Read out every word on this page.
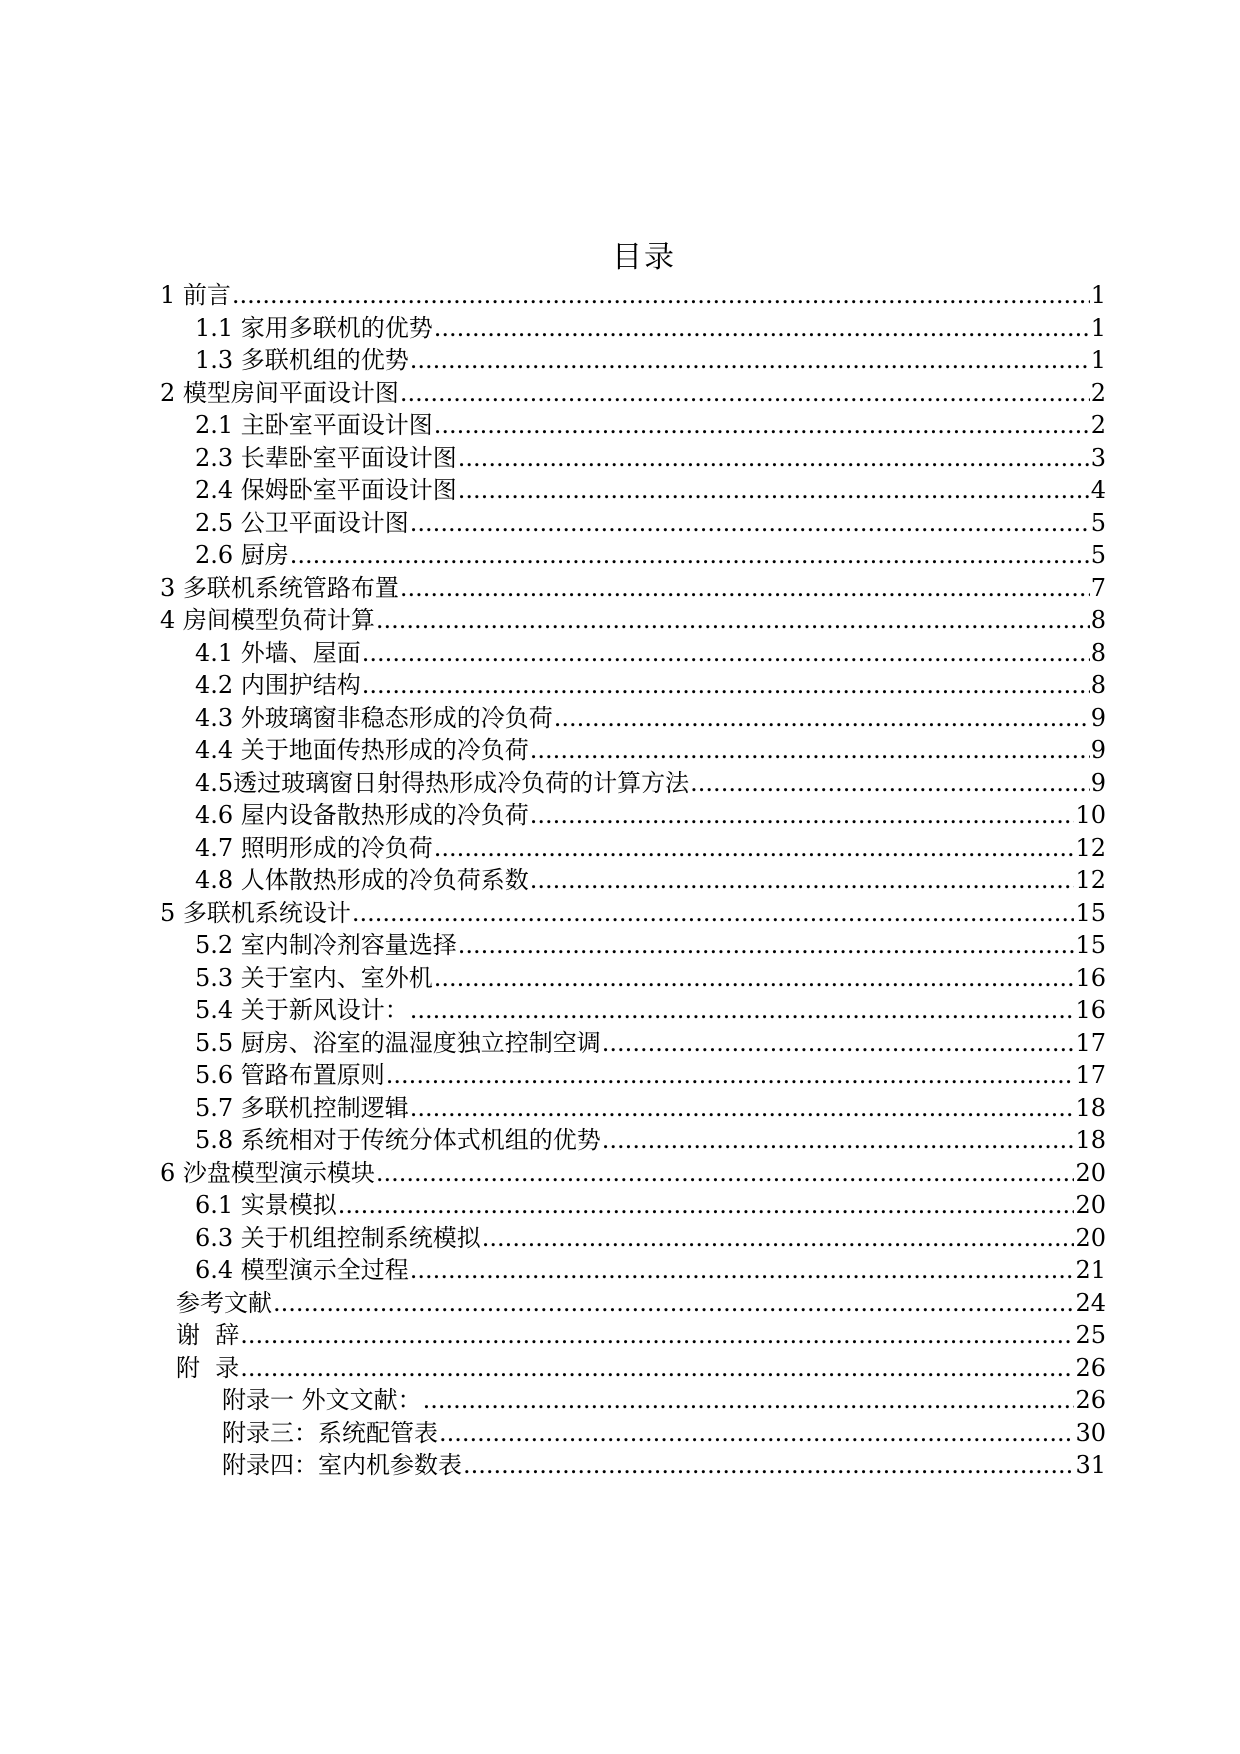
目录
1 前言 .....	1
1.1 家用多联机的优势 .....	1
1.3 多联机组的优势 .....	1
2 模型房间平面设计图 .....	2
2.1 主卧室平面设计图 .....	2
2.3 长辈卧室平面设计图 .....	3
2.4 保姆卧室平面设计图 .....	4
2.5 公卫平面设计图 .....	5
2.6 厨房 .....	5
3 多联机系统管路布置 .....	7
4 房间模型负荷计算 .....	8
4.1 外墙、屋面 .....	8
4.2 内围护结构 .....	8
4.3 外玻璃窗非稳态形成的冷负荷 .....	9
4.4 关于地面传热形成的冷负荷 .....	9
4.5透过玻璃窗日射得热形成冷负荷的计算方法 .....	9
4.6 屋内设备散热形成的冷负荷 .....	10
4.7 照明形成的冷负荷 .....	12
4.8 人体散热形成的冷负荷系数 .....	12
5 多联机系统设计 .....	15
5.2 室内制冷剂容量选择 .....	15
5.3 关于室内、室外机 .....	16
5.4 关于新风设计： .....	16
5.5 厨房、浴室的温湿度独立控制空调 .....	17
5.6 管路布置原则 .....	17
5.7 多联机控制逻辑 .....	18
5.8 系统相对于传统分体式机组的优势 .....	18
6 沙盘模型演示模块 .....	20
6.1 实景模拟 .....	20
6.3 关于机组控制系统模拟 .....	20
6.4 模型演示全过程 .....	21
参考文献 .....	24
谢  辞 .....	25
附  录 .....	26
附录一 外文文献： .....	26
附录三：系统配管表 .....	30
附录四：室内机参数表 .....	31
